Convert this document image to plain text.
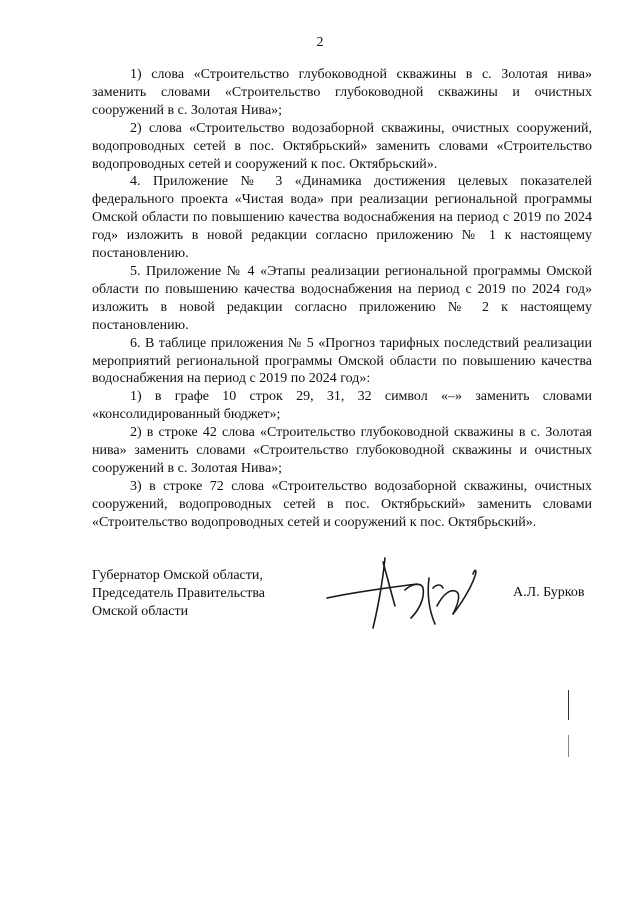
2

1) слова «Строительство глубоководной скважины в с. Золотая нива» заменить словами «Строительство глубоководной скважины и очистных сооружений в с. Золотая Нива»;

2) слова «Строительство водозаборной скважины, очистных сооружений, водопроводных сетей в пос. Октябрьский» заменить словами «Строительство водопроводных сетей и сооружений к пос. Октябрьский».

4. Приложение № 3 «Динамика достижения целевых показателей федерального проекта «Чистая вода» при реализации региональной программы Омской области по повышению качества водоснабжения на период с 2019 по 2024 год» изложить в новой редакции согласно приложению № 1 к настоящему постановлению.

5. Приложение № 4 «Этапы реализации региональной программы Омской области по повышению качества водоснабжения на период с 2019 по 2024 год» изложить в новой редакции согласно приложению № 2 к настоящему постановлению.

6. В таблице приложения № 5 «Прогноз тарифных последствий реализации мероприятий региональной программы Омской области по повышению качества водоснабжения на период с 2019 по 2024 год»:

1) в графе 10 строк 29, 31, 32 символ «–» заменить словами «консолидированный бюджет»;

2) в строке 42 слова «Строительство глубоководной скважины в с. Золотая нива» заменить словами «Строительство глубоководной скважины и очистных сооружений в с. Золотая Нива»;

3) в строке 72 слова «Строительство водозаборной скважины, очистных сооружений, водопроводных сетей в пос. Октябрьский» заменить словами «Строительство водопроводных сетей и сооружений к пос. Октябрьский».

Губернатор Омской области,
Председатель Правительства
Омской области
А.Л. Бурков
